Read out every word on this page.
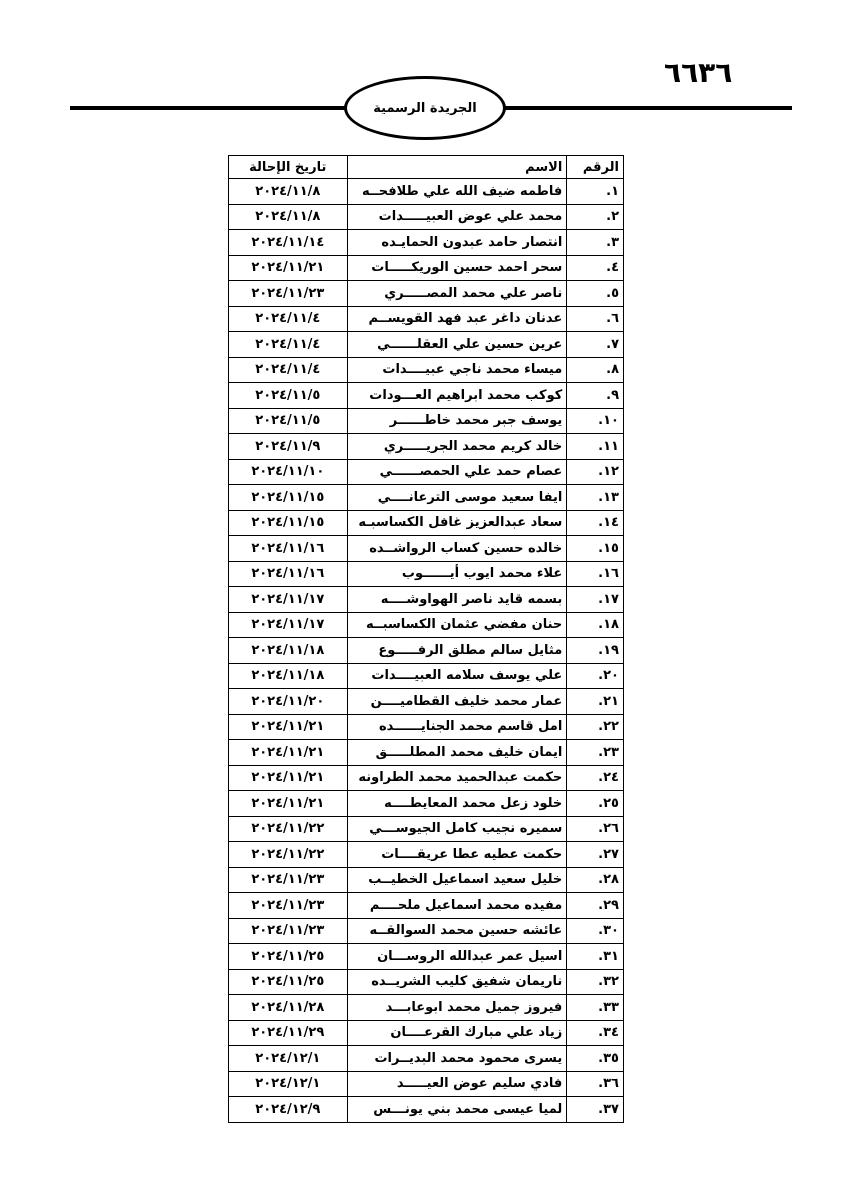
٦٦٣٦
الجريدة الرسمية
الرقم	الاسم	تاريخ الإحالة
١.	فاطمه ضيف الله علي طلافحــه	٢٠٢٤/١١/٨
٢.	محمد علي عوض العبيـــــدات	٢٠٢٤/١١/٨
٣.	انتصار حامد عبدون الحمايـده	٢٠٢٤/١١/١٤
٤.	سحر احمد حسين الوريكـــــات	٢٠٢٤/١١/٢١
٥.	ناصر علي محمد المصـــــري	٢٠٢٤/١١/٢٣
٦.	عدنان داغر عبد فهد القويســم	٢٠٢٤/١١/٤
٧.	عرين حسين علي العقلــــــي	٢٠٢٤/١١/٤
٨.	ميساء محمد ناجي عبيــــدات	٢٠٢٤/١١/٤
٩.	كوكب محمد ابراهيم العـــودات	٢٠٢٤/١١/٥
١٠.	يوسف جبر محمد خاطــــــر	٢٠٢٤/١١/٥
١١.	خالد كريم محمد الجريـــــري	٢٠٢٤/١١/٩
١٢.	عصام حمد علي الحمصــــــي	٢٠٢٤/١١/١٠
١٣.	ايفا سعيد موسى الترعانــــي	٢٠٢٤/١١/١٥
١٤.	سعاد عبدالعزيز غافل الكساسبـه	٢٠٢٤/١١/١٥
١٥.	خالده حسين كساب الرواشــده	٢٠٢٤/١١/١٦
١٦.	علاء محمد ايوب أيــــــوب	٢٠٢٤/١١/١٦
١٧.	بسمه قايد ناصر الهواوشــــه	٢٠٢٤/١١/١٧
١٨.	حنان مفضي عثمان الكساسبــه	٢٠٢٤/١١/١٧
١٩.	مثايل سالم مطلق الرفـــــوع	٢٠٢٤/١١/١٨
٢٠.	علي يوسف سلامه العبيــــدات	٢٠٢٤/١١/١٨
٢١.	عمار محمد خليف القطاميــــن	٢٠٢٤/١١/٢٠
٢٢.	امل قاسم محمد الجنايــــــده	٢٠٢٤/١١/٢١
٢٣.	ايمان خليف محمد المطلـــــق	٢٠٢٤/١١/٢١
٢٤.	حكمت عبدالحميد محمد الطراونه	٢٠٢٤/١١/٢١
٢٥.	خلود زعل محمد المعايطــــه	٢٠٢٤/١١/٢١
٢٦.	سميره نجيب كامل الجيوســـي	٢٠٢٤/١١/٢٢
٢٧.	حكمت عطيه عطا عريقــــات	٢٠٢٤/١١/٢٢
٢٨.	خليل سعيد اسماعيل الخطيــب	٢٠٢٤/١١/٢٣
٢٩.	مفيده محمد اسماعيل ملحــــم	٢٠٢٤/١١/٢٣
٣٠.	عائشه حسين محمد السوالقــه	٢٠٢٤/١١/٢٣
٣١.	اسيل عمر عبدالله الروســـان	٢٠٢٤/١١/٢٥
٣٢.	ناريمان شفيق كليب الشريــده	٢٠٢٤/١١/٢٥
٣٣.	فيروز جميل محمد ابوعابـــد	٢٠٢٤/١١/٢٨
٣٤.	زياد علي مبارك القرعــــان	٢٠٢٤/١١/٢٩
٣٥.	يسرى محمود محمد البديــرات	٢٠٢٤/١٢/١
٣٦.	فادي سليم عوض العيـــــد	٢٠٢٤/١٢/١
٣٧.	لميا عيسى محمد بني يونـــس	٢٠٢٤/١٢/٩
